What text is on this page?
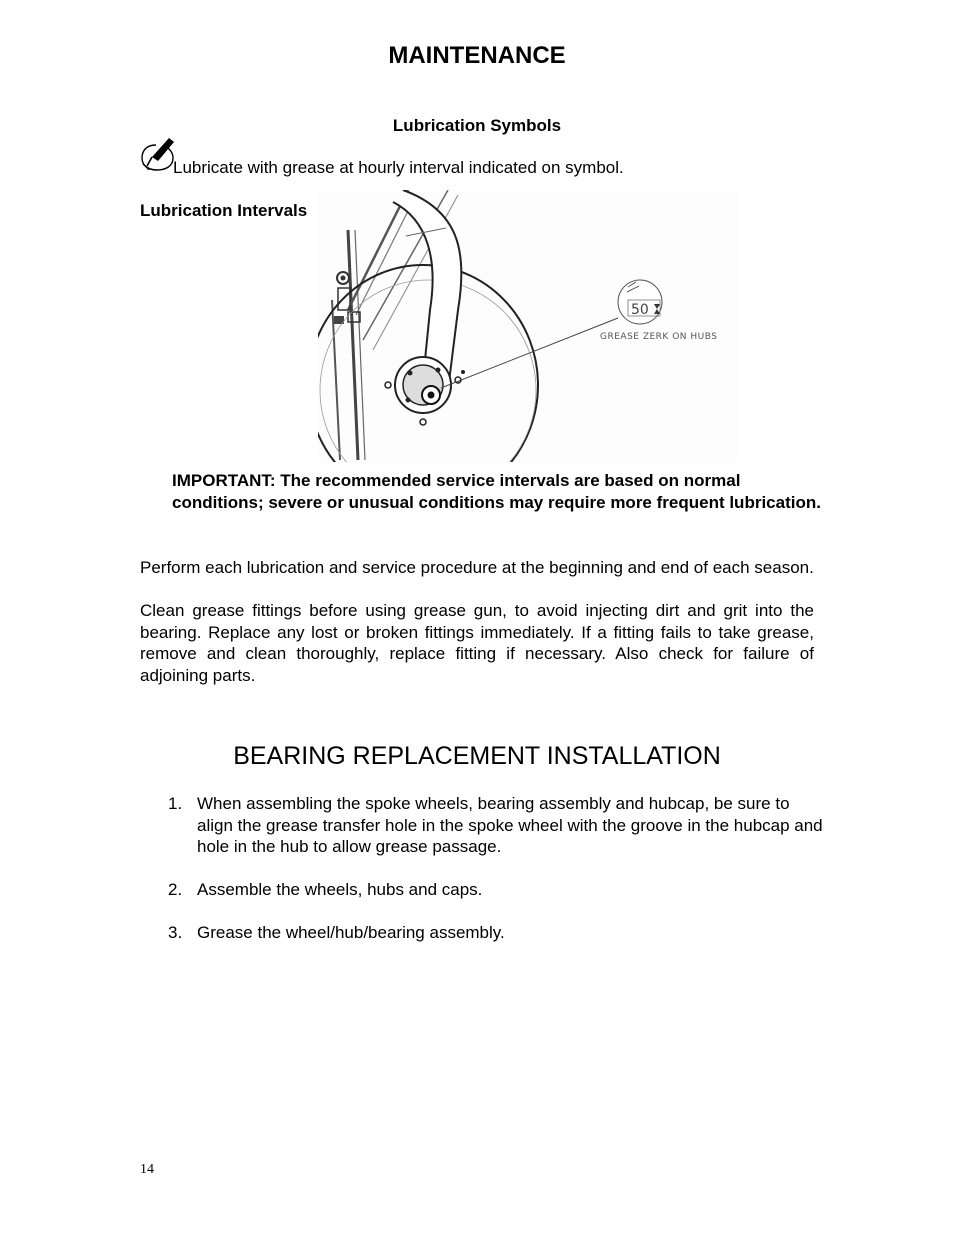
MAINTENANCE
Lubrication Symbols
Lubricate with grease at hourly interval indicated on symbol.
Lubrication Intervals
50
GREASE ZERK ON HUBS
IMPORTANT: The recommended service intervals are based on normal conditions; severe or unusual conditions may require more frequent lubrication.
Perform each lubrication and service procedure at the beginning and end of each season.
Clean grease fittings before using grease gun, to avoid injecting dirt and grit into the bearing. Replace any lost or broken fittings immediately. If a fitting fails to take grease, remove and clean thoroughly, replace fitting if necessary. Also check for failure of adjoining parts.
BEARING REPLACEMENT INSTALLATION
1. When assembling the spoke wheels, bearing assembly and hubcap, be sure to align the grease transfer hole in the spoke wheel with the groove in the hubcap and hole in the hub to allow grease passage.
2. Assemble the wheels, hubs and caps.
3. Grease the wheel/hub/bearing assembly.
14
